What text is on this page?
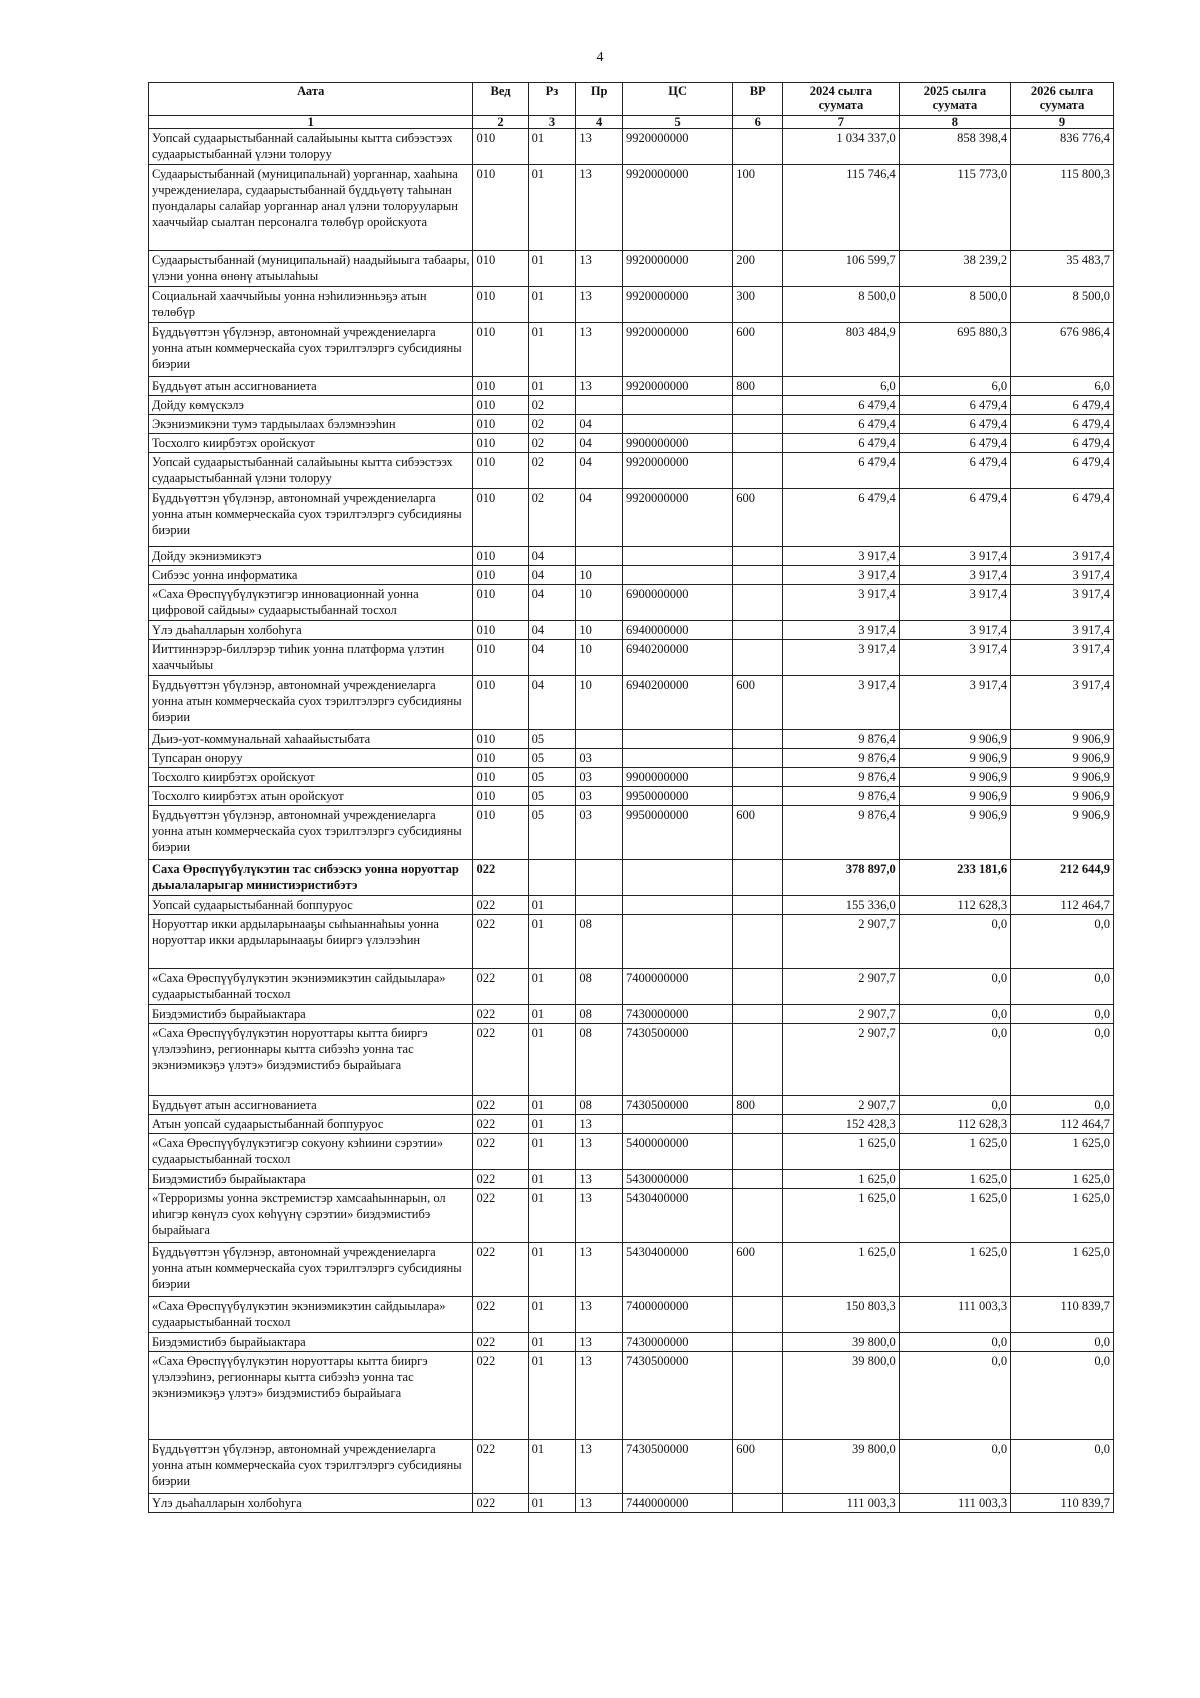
4
Аата	Вед	Рз	Пр	ЦС	ВР	2024 сылга суумата	2025 сылга суумата	2026 сылга суумата
1	2	3	4	5	6	7	8	9
Уопсай судаарыстыбаннай салайыыны кытта сибээстээх судаарыстыбаннай үлэни толоруу	010	01	13	9920000000		1 034 337,0	858 398,4	836 776,4
Судаарыстыбаннай (муниципальнай) уорганнар, хааһына учреждениелара, судаарыстыбаннай бүддьүөтү таһынан пуондалары салайар уорганнар анал үлэни толорууларын хааччыйар сыалтан персоналга төлөбүр оройскуота	010	01	13	9920000000	100	115 746,4	115 773,0	115 800,3
Судаарыстыбаннай (муниципальнай) наадыйыыга табаары, үлэни уонна өнөнү атыылаһыы	010	01	13	9920000000	200	106 599,7	38 239,2	35 483,7
Социальнай хааччыйыы уонна нэһилиэнньэҕэ атын төлөбүр	010	01	13	9920000000	300	8 500,0	8 500,0	8 500,0
Бүддьүөттэн үбүлэнэр, автономнай учреждениеларга уонна атын коммерческайа суох тэрилтэлэргэ субсидияны биэрии	010	01	13	9920000000	600	803 484,9	695 880,3	676 986,4
Бүддьүөт атын ассигнованиета	010	01	13	9920000000	800	6,0	6,0	6,0
Дойду көмүскэлэ	010	02				6 479,4	6 479,4	6 479,4
Экэниэмикэни тумэ тардыылаах бэлэмнээһин	010	02	04			6 479,4	6 479,4	6 479,4
Тосхолго киирбэтэх оройскуот	010	02	04	9900000000		6 479,4	6 479,4	6 479,4
Уопсай судаарыстыбаннай салайыыны кытта сибээстээх судаарыстыбаннай үлэни толоруу	010	02	04	9920000000		6 479,4	6 479,4	6 479,4
Бүддьүөттэн үбүлэнэр, автономнай учреждениеларга уонна атын коммерческайа суох тэрилтэлэргэ субсидияны биэрии	010	02	04	9920000000	600	6 479,4	6 479,4	6 479,4
Дойду экэниэмикэтэ	010	04				3 917,4	3 917,4	3 917,4
Сибээс уонна информатика	010	04	10			3 917,4	3 917,4	3 917,4
«Саха Өрөспүүбүлүкэтигэр инновационнай уонна цифровой сайдыы» судаарыстыбаннай тосхол	010	04	10	6900000000		3 917,4	3 917,4	3 917,4
Үлэ дьаһалларын холбоһуга	010	04	10	6940000000		3 917,4	3 917,4	3 917,4
Ииттиннэрэр-биллэрэр тиһик уонна платформа үлэтин хааччыйыы	010	04	10	6940200000		3 917,4	3 917,4	3 917,4
Бүддьүөттэн үбүлэнэр, автономнай учреждениеларга уонна атын коммерческайа суох тэрилтэлэргэ субсидияны биэрии	010	04	10	6940200000	600	3 917,4	3 917,4	3 917,4
Дьиэ-уот-коммунальнай хаһаайыстыбата	010	05				9 876,4	9 906,9	9 906,9
Тупсаран оноруу	010	05	03			9 876,4	9 906,9	9 906,9
Тосхолго киирбэтэх оройскуот	010	05	03	9900000000		9 876,4	9 906,9	9 906,9
Тосхолго киирбэтэх атын оройскуот	010	05	03	9950000000		9 876,4	9 906,9	9 906,9
Бүддьүөттэн үбүлэнэр, автономнай учреждениеларга уонна атын коммерческайа суох тэрилтэлэргэ субсидияны биэрии	010	05	03	9950000000	600	9 876,4	9 906,9	9 906,9
Саха Өрөспүүбүлүкэтин тас сибээскэ уонна норуоттар дьыалаларыгар министиэристибэтэ	022					378 897,0	233 181,6	212 644,9
Уопсай судаарыстыбаннай боппуруос	022	01				155 336,0	112 628,3	112 464,7
Норуоттар икки ардыларынааҕы сыһыаннаһыы уонна норуоттар икки ардыларынааҕы бииргэ үлэлээһин	022	01	08			2 907,7	0,0	0,0
«Саха Өрөспүүбүлүкэтин экэниэмикэтин сайдыылара» судаарыстыбаннай тосхол	022	01	08	7400000000		2 907,7	0,0	0,0
Биэдэмистибэ бырайыактара	022	01	08	7430000000		2 907,7	0,0	0,0
«Саха Өрөспүүбүлүкэтин норуоттары кытта бииргэ үлэлээһинэ, регионнары кытта сибээһэ уонна тас экэниэмикэҕэ үлэтэ» биэдэмистибэ бырайыага	022	01	08	7430500000		2 907,7	0,0	0,0
Бүддьүөт атын ассигнованиета	022	01	08	7430500000	800	2 907,7	0,0	0,0
Атын уопсай судаарыстыбаннай боппуруос	022	01	13			152 428,3	112 628,3	112 464,7
«Саха Өрөспүүбүлүкэтигэр сокуону кэһиини сэрэтии» судаарыстыбаннай тосхол	022	01	13	5400000000		1 625,0	1 625,0	1 625,0
Биэдэмистибэ бырайыактара	022	01	13	5430000000		1 625,0	1 625,0	1 625,0
«Терроризмы уонна экстремистэр хамсааһыннарын, ол иһигэр көнүлэ суох көһүүнү сэрэтии» биэдэмистибэ бырайыага	022	01	13	5430400000		1 625,0	1 625,0	1 625,0
Бүддьүөттэн үбүлэнэр, автономнай учреждениеларга уонна атын коммерческайа суох тэрилтэлэргэ субсидияны биэрии	022	01	13	5430400000	600	1 625,0	1 625,0	1 625,0
«Саха Өрөспүүбүлүкэтин экэниэмикэтин сайдыылара» судаарыстыбаннай тосхол	022	01	13	7400000000		150 803,3	111 003,3	110 839,7
Биэдэмистибэ бырайыактара	022	01	13	7430000000		39 800,0	0,0	0,0
«Саха Өрөспүүбүлүкэтин норуоттары кытта бииргэ үлэлээһинэ, регионнары кытта сибээһэ уонна тас экэниэмикэҕэ үлэтэ» биэдэмистибэ бырайыага	022	01	13	7430500000		39 800,0	0,0	0,0
Бүддьүөттэн үбүлэнэр, автономнай учреждениеларга уонна атын коммерческайа суох тэрилтэлэргэ субсидияны биэрии	022	01	13	7430500000	600	39 800,0	0,0	0,0
Үлэ дьаһалларын холбоһуга	022	01	13	7440000000		111 003,3	111 003,3	110 839,7
